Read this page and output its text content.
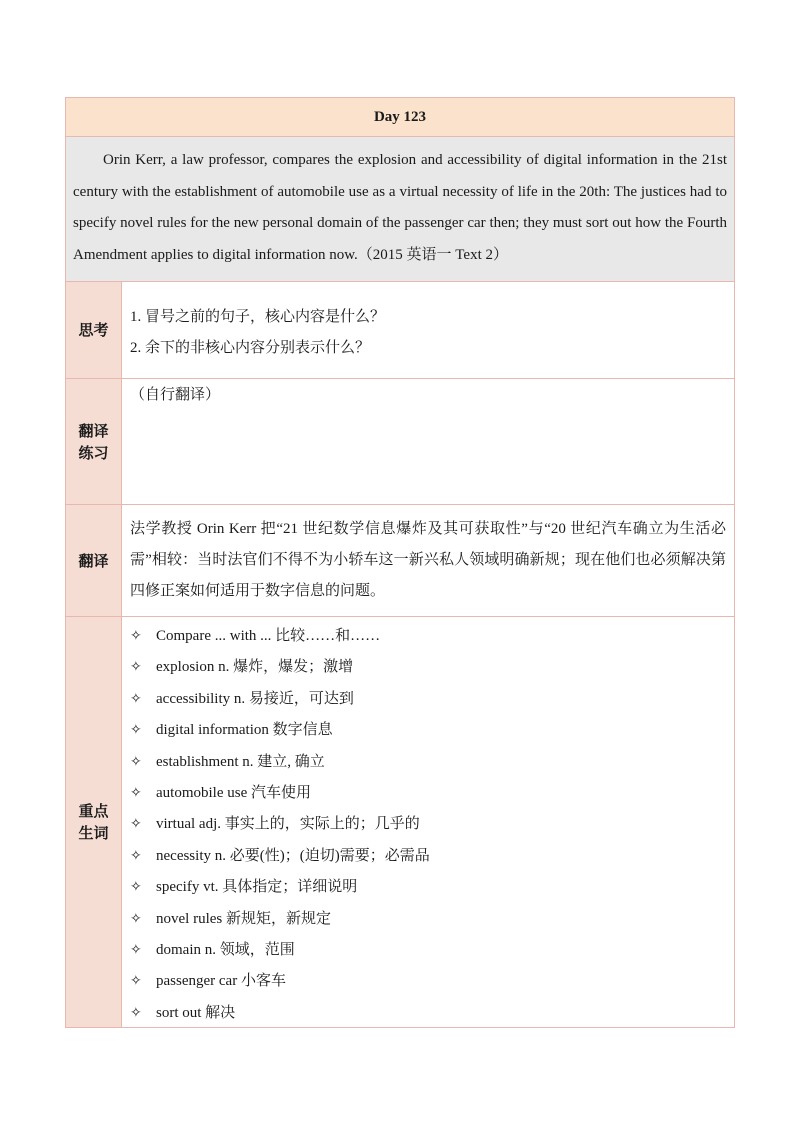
Day 123
Orin Kerr, a law professor, compares the explosion and accessibility of digital information in the 21st century with the establishment of automobile use as a virtual necessity of life in the 20th: The justices had to specify novel rules for the new personal domain of the passenger car then; they must sort out how the Fourth Amendment applies to digital information now.（2015 英语一 Text 2）
思考
1. 冒号之前的句子，核心内容是什么？
2. 余下的非核心内容分别表示什么？
翻译练习
（自行翻译）
翻译
法学教授 Orin Kerr 把“21 世纪数学信息爆炸及其可获取性”与“20 世纪汽车确立为生活必需”相较：当时法官们不得不为小轿车这一新兴私人领域明确新规；现在他们也必须解决第四修正案如何适用于数字信息的问题。
重点生词
✧ Compare ... with ... 比较……和……
✧ explosion n. 爆炸，爆发；激增
✧ accessibility n. 易接近，可达到
✧ digital information 数字信息
✧ establishment n. 建立, 确立
✧ automobile use 汽车使用
✧ virtual adj. 事实上的，实际上的；几乎的
✧ necessity n. 必要(性)；(迫切)需要；必需品
✧ specify vt. 具体指定；详细说明
✧ novel rules 新规矩，新规定
✧ domain n. 领域，范围
✧ passenger car 小客车
✧ sort out 解决
